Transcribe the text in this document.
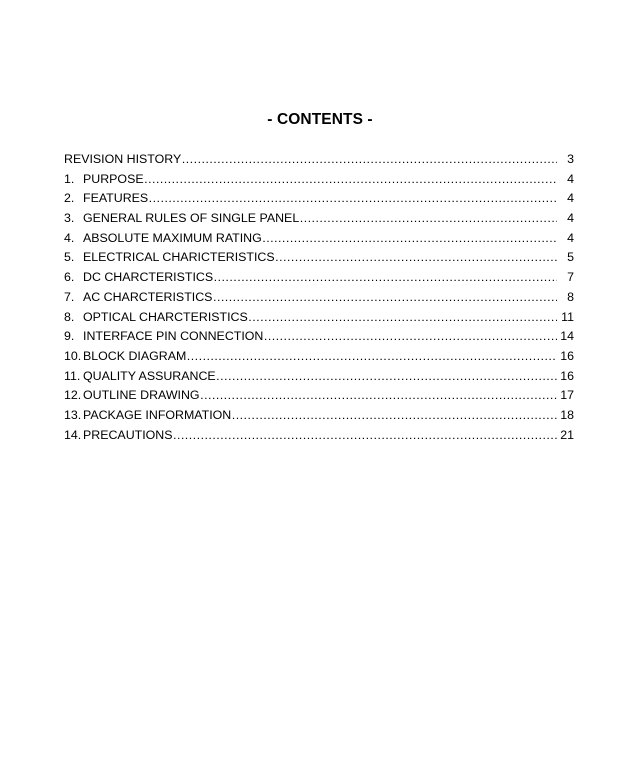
- CONTENTS -
REVISION HISTORY …………………………………………………………………………………………………………………………………………………………………………	3
1. PURPOSE …………………………………………………………………………………………………………………………………………………………………………	4
2. FEATURES …………………………………………………………………………………………………………………………………………………………………………	4
3. GENERAL RULES OF SINGLE PANEL …………………………………………………………………………………………………………………………………………………………………………	4
4. ABSOLUTE MAXIMUM RATING …………………………………………………………………………………………………………………………………………………………………………	4
5. ELECTRICAL CHARICTERISTICS …………………………………………………………………………………………………………………………………………………………………………	5
6. DC CHARCTERISTICS …………………………………………………………………………………………………………………………………………………………………………	7
7. AC CHARCTERISTICS …………………………………………………………………………………………………………………………………………………………………………	8
8. OPTICAL CHARCTERISTICS …………………………………………………………………………………………………………………………………………………………………………	11
9. INTERFACE PIN CONNECTION …………………………………………………………………………………………………………………………………………………………………………	14
10. BLOCK DIAGRAM …………………………………………………………………………………………………………………………………………………………………………	16
11. QUALITY ASSURANCE …………………………………………………………………………………………………………………………………………………………………………	16
12. OUTLINE DRAWING …………………………………………………………………………………………………………………………………………………………………………	17
13. PACKAGE INFORMATION …………………………………………………………………………………………………………………………………………………………………………	18
14. PRECAUTIONS …………………………………………………………………………………………………………………………………………………………………………	21
